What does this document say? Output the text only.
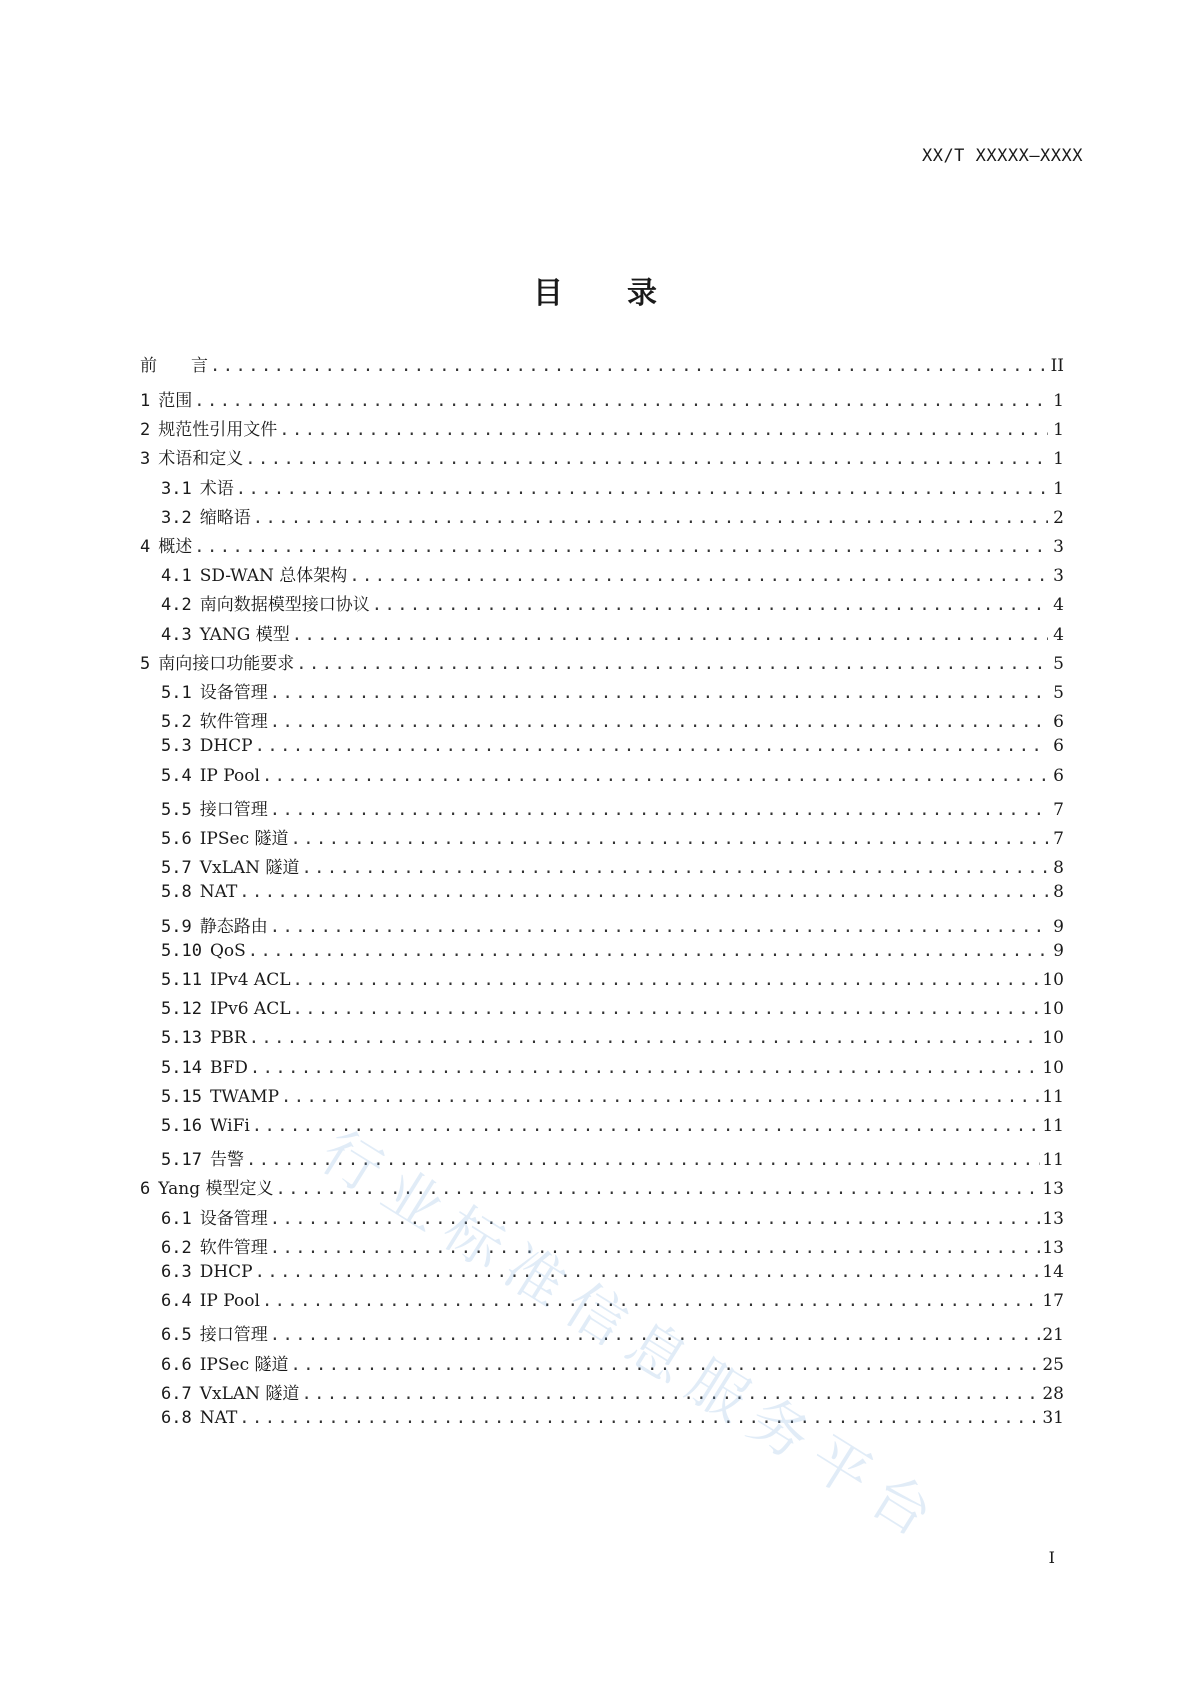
XX/T XXXXX—XXXX
目 录
前　　言 .....	II
1 范围 .....	1
2 规范性引用文件 .....	1
3 术语和定义 .....	1
3.1 术语 .....	1
3.2 缩略语 .....	2
4 概述 .....	3
4.1 SD-WAN 总体架构 .....	3
4.2 南向数据模型接口协议 .....	4
4.3 YANG 模型 .....	4
5 南向接口功能要求 .....	5
5.1 设备管理 .....	5
5.2 软件管理 .....	6
5.3 DHCP .....	6
5.4 IP Pool .....	6
5.5 接口管理 .....	7
5.6 IPSec 隧道 .....	7
5.7 VxLAN 隧道 .....	8
5.8 NAT .....	8
5.9 静态路由 .....	9
5.10 QoS .....	9
5.11 IPv4 ACL .....	10
5.12 IPv6 ACL .....	10
5.13 PBR .....	10
5.14 BFD .....	10
5.15 TWAMP .....	11
5.16 WiFi .....	11
5.17 告警 .....	11
6 Yang 模型定义 .....	13
6.1 设备管理 .....	13
6.2 软件管理 .....	13
6.3 DHCP .....	14
6.4 IP Pool .....	17
6.5 接口管理 .....	21
6.6 IPSec 隧道 .....	25
6.7 VxLAN 隧道 .....	28
6.8 NAT .....	31
行业标准信息服务平台
I
